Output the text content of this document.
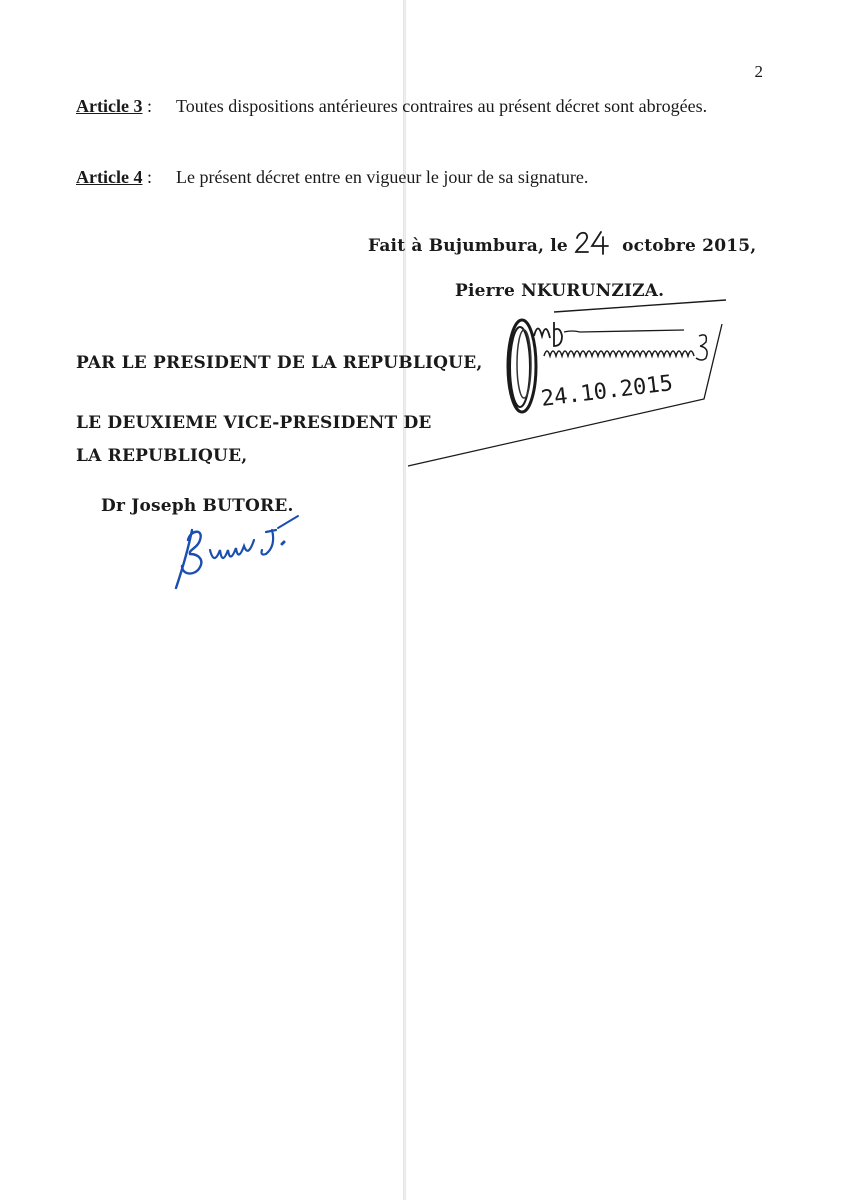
2
Article 3 :	Toutes dispositions antérieures contraires au présent décret sont abrogées.
Article 4 :	Le présent décret entre en vigueur le jour de sa signature.
Fait à Bujumbura, le  octobre 2015,
Pierre NKURUNZIZA.
24.10.2015
PAR LE PRESIDENT DE LA REPUBLIQUE,
LE DEUXIEME VICE-PRESIDENT DE LA REPUBLIQUE,
Dr Joseph BUTORE.
